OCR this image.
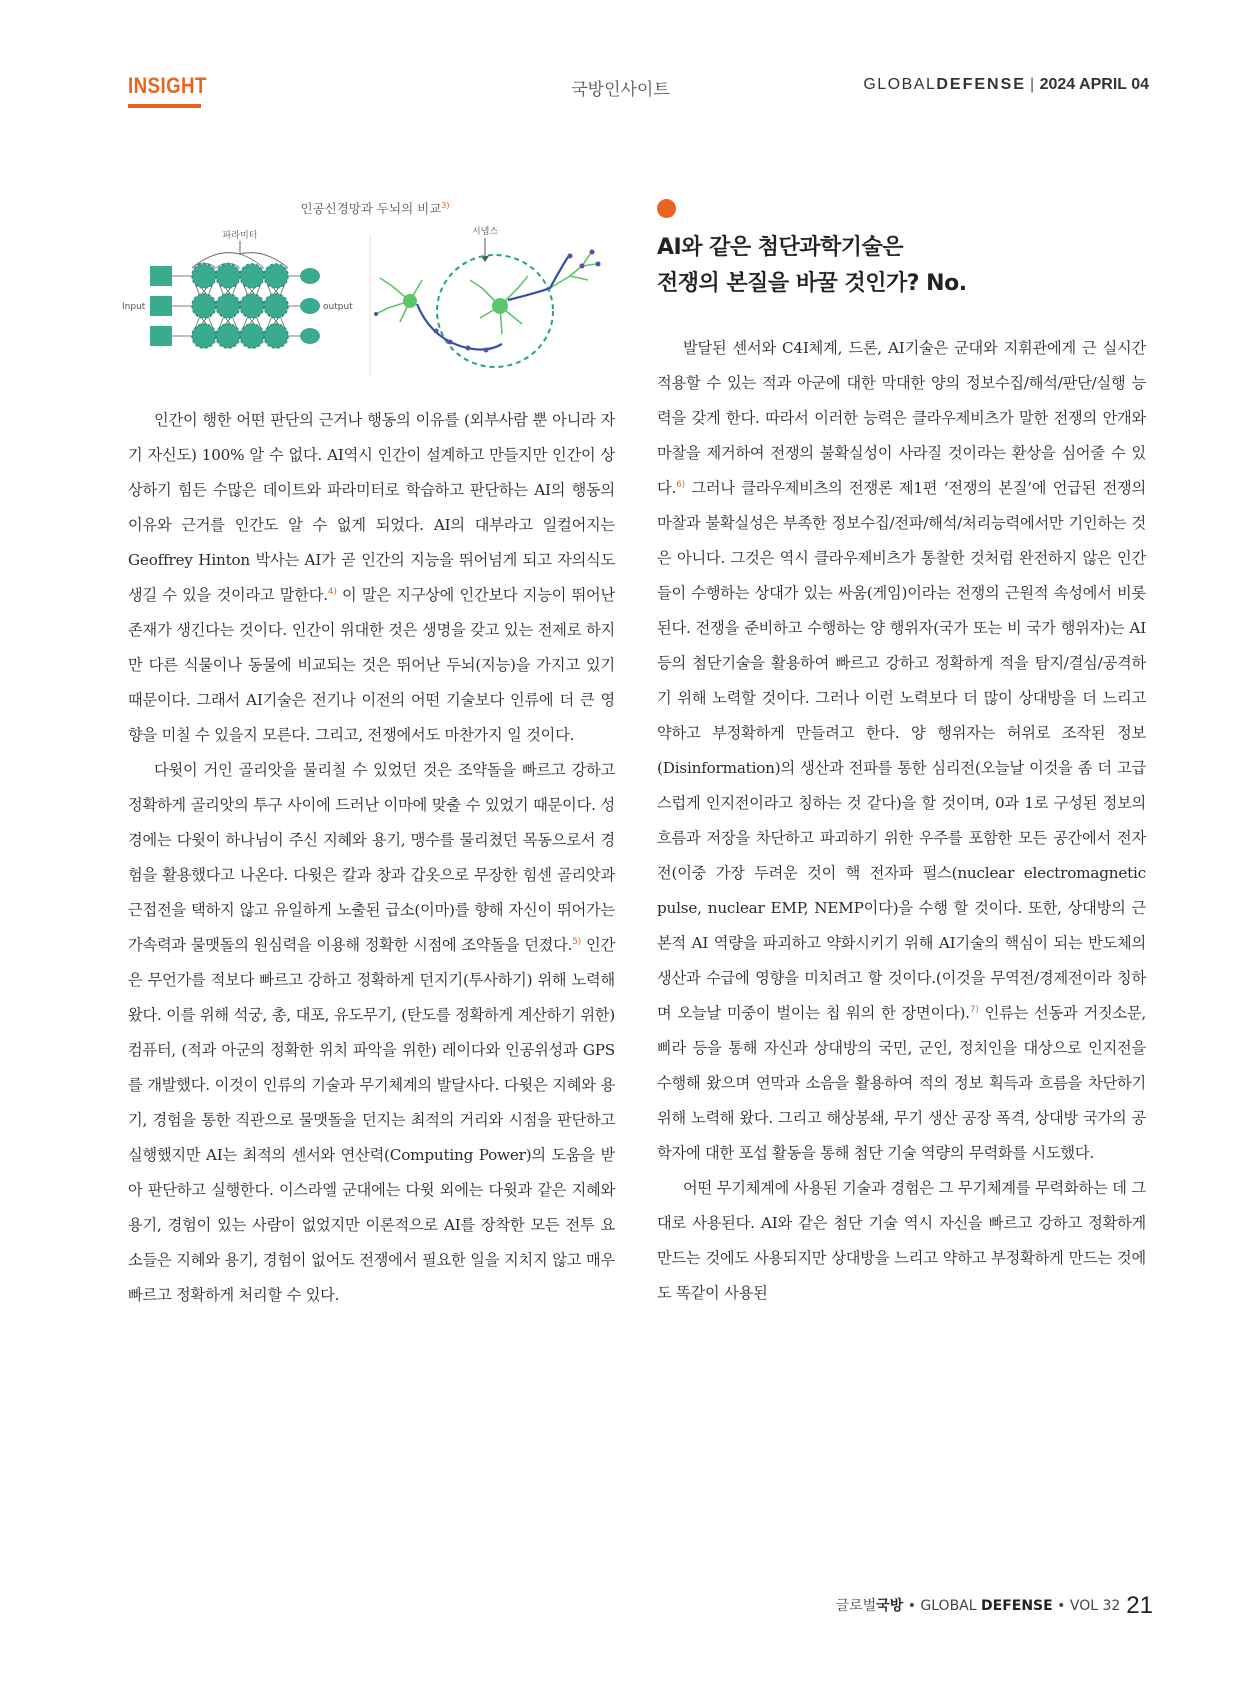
INSIGHT	국방인사이트	GLOBALDEFENSE | 2024 APRIL 04
인공신경망과 두뇌의 비교$^{3)}$
파라미터
Input	output
시냅스

인간이 행한 어떤 판단의 근거나 행동의 이유를 (외부사람 뿐 아니라 자기 자신도) 100% 알 수 없다. AI역시 인간이 설계하고 만들지만 인간이 상상하기 힘든 수많은 데이트와 파라미터로 학습하고 판단하는 AI의 행동의 이유와 근거를 인간도 알 수 없게 되었다. AI의 대부라고 일컬어지는 Geoffrey Hinton 박사는 AI가 곧 인간의 지능을 뛰어넘게 되고 자의식도 생길 수 있을 것이라고 말한다.$^{4)}$ 이 말은 지구상에 인간보다 지능이 뛰어난 존재가 생긴다는 것이다. 인간이 위대한 것은 생명을 갖고 있는 전제로 하지만 다른 식물이나 동물에 비교되는 것은 뛰어난 두뇌(지능)을 가지고 있기 때문이다. 그래서 AI기술은 전기나 이전의 어떤 기술보다 인류에 더 큰 영향을 미칠 수 있을지 모른다. 그리고, 전쟁에서도 마찬가지 일 것이다.

다윗이 거인 골리앗을 물리칠 수 있었던 것은 조약돌을 빠르고 강하고 정확하게 골리앗의 투구 사이에 드러난 이마에 맞출 수 있었기 때문이다. 성경에는 다윗이 하나님이 주신 지혜와 용기, 맹수를 물리쳤던 목동으로서 경험을 활용했다고 나온다. 다윗은 칼과 창과 갑옷으로 무장한 힘센 골리앗과 근접전을 택하지 않고 유일하게 노출된 급소(이마)를 향해 자신이 뛰어가는 가속력과 물맷돌의 원심력을 이용해 정확한 시점에 조약돌을 던졌다.$^{5)}$ 인간은 무언가를 적보다 빠르고 강하고 정확하게 던지기(투사하기) 위해 노력해 왔다. 이를 위해 석궁, 총, 대포, 유도무기, (탄도를 정확하게 계산하기 위한) 컴퓨터, (적과 아군의 정확한 위치 파악을 위한) 레이다와 인공위성과 GPS를 개발했다. 이것이 인류의 기술과 무기체계의 발달사다. 다윗은 지혜와 용기, 경험을 통한 직관으로 물맷돌을 던지는 최적의 거리와 시점을 판단하고 실행했지만 AI는 최적의 센서와 연산력(Computing Power)의 도움을 받아 판단하고 실행한다. 이스라엘 군대에는 다윗 외에는 다윗과 같은 지혜와 용기, 경험이 있는 사람이 없었지만 이론적으로 AI를 장착한 모든 전투 요소들은 지혜와 용기, 경험이 없어도 전쟁에서 필요한 일을 지치지 않고 매우 빠르고 정확하게 처리할 수 있다.

AI와 같은 첨단과학기술은
전쟁의 본질을 바꿀 것인가? No.

발달된 센서와 C4I체계, 드론, AI기술은 군대와 지휘관에게 근 실시간 적용할 수 있는 적과 아군에 대한 막대한 양의 정보수집/해석/판단/실행 능력을 갖게 한다. 따라서 이러한 능력은 클라우제비츠가 말한 전쟁의 안개와 마찰을 제거하여 전쟁의 불확실성이 사라질 것이라는 환상을 심어줄 수 있다.$^{6)}$ 그러나 클라우제비츠의 전쟁론 제1편 ‘전쟁의 본질’에 언급된 전쟁의 마찰과 불확실성은 부족한 정보수집/전파/해석/처리능력에서만 기인하는 것은 아니다. 그것은 역시 클라우제비츠가 통찰한 것처럼 완전하지 않은 인간들이 수행하는 상대가 있는 싸움(게임)이라는 전쟁의 근원적 속성에서 비롯된다. 전쟁을 준비하고 수행하는 양 행위자(국가 또는 비 국가 행위자)는 AI등의 첨단기술을 활용하여 빠르고 강하고 정확하게 적을 탐지/결심/공격하기 위해 노력할 것이다. 그러나 이런 노력보다 더 많이 상대방을 더 느리고 약하고 부정확하게 만들려고 한다. 양 행위자는 허위로 조작된 정보(Disinformation)의 생산과 전파를 통한 심리전(오늘날 이것을 좀 더 고급스럽게 인지전이라고 칭하는 것 같다)을 할 것이며, 0과 1로 구성된 정보의 흐름과 저장을 차단하고 파괴하기 위한 우주를 포함한 모든 공간에서 전자전(이중 가장 두려운 것이 핵 전자파 펄스(nuclear electromagnetic pulse, nuclear EMP, NEMP이다)을 수행 할 것이다. 또한, 상대방의 근본적 AI 역량을 파괴하고 약화시키기 위해 AI기술의 핵심이 되는 반도체의 생산과 수급에 영향을 미치려고 할 것이다.(이것을 무역전/경제전이라 칭하며 오늘날 미중이 벌이는 칩 워의 한 장면이다).$^{7)}$ 인류는 선동과 거짓소문, 삐라 등을 통해 자신과 상대방의 국민, 군인, 정치인을 대상으로 인지전을 수행해 왔으며 연막과 소음을 활용하여 적의 정보 획득과 흐름을 차단하기 위해 노력해 왔다. 그리고 해상봉쇄, 무기 생산 공장 폭격, 상대방 국가의 공학자에 대한 포섭 활동을 통해 첨단 기술 역량의 무력화를 시도했다.

어떤 무기체계에 사용된 기술과 경험은 그 무기체계를 무력화하는 데 그대로 사용된다. AI와 같은 첨단 기술 역시 자신을 빠르고 강하고 정확하게 만드는 것에도 사용되지만 상대방을 느리고 약하고 부정확하게 만드는 것에도 똑같이 사용된

글로벌국방 • GLOBAL DEFENSE • VOL 32 21
